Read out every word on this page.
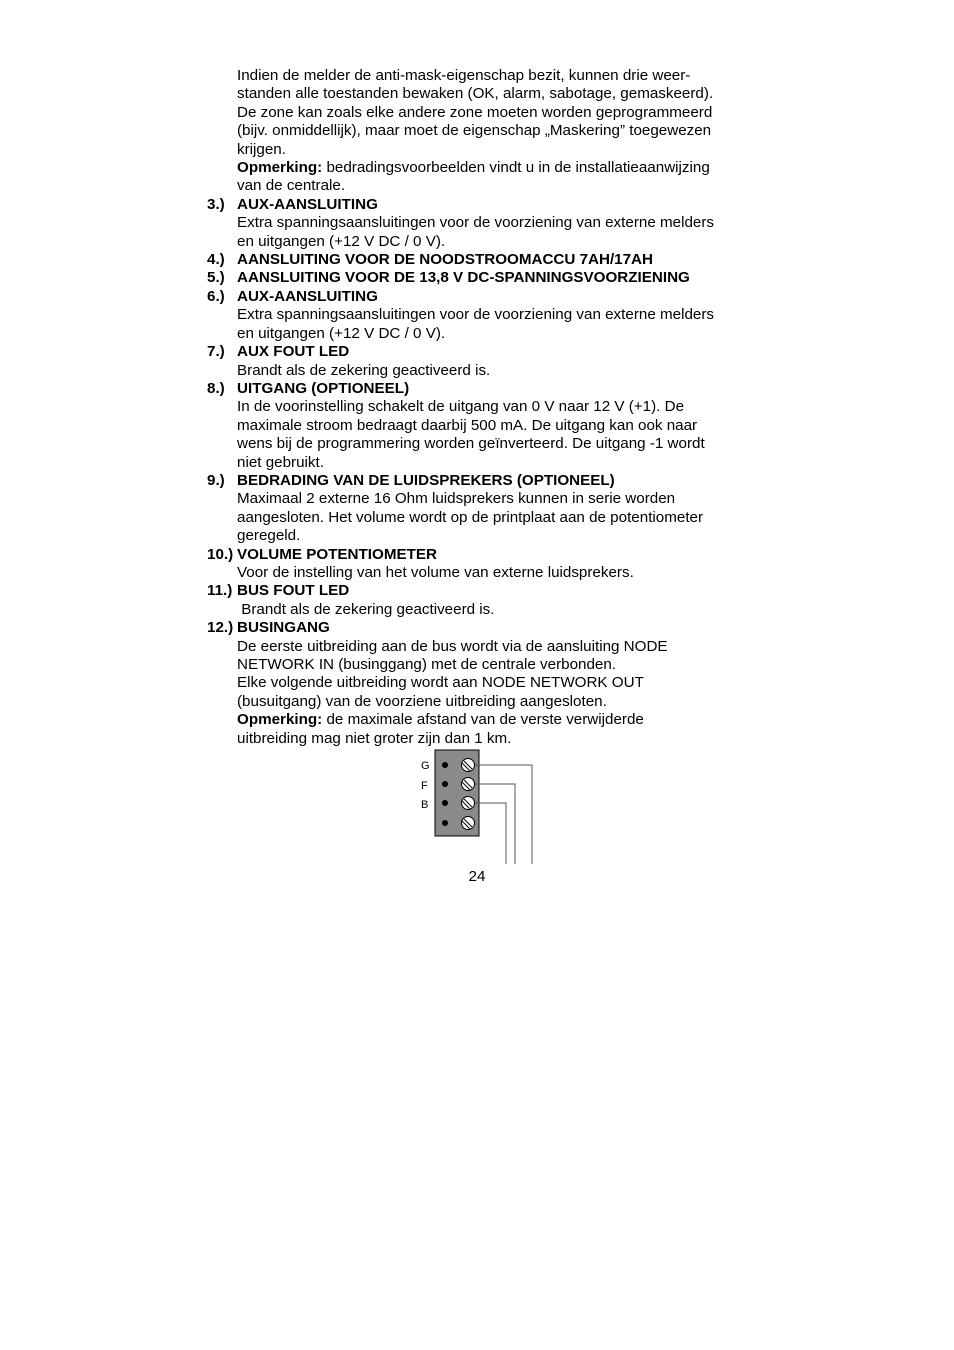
Indien de melder de anti-mask-eigenschap bezit, kunnen drie weer-
standen alle toestanden bewaken (OK, alarm, sabotage, gemaskeerd).
De zone kan zoals elke andere zone moeten worden geprogrammeerd
(bijv. onmiddellijk), maar moet de eigenschap „Maskering” toegewezen
krijgen.
Opmerking: bedradingsvoorbeelden vindt u in de installatieaanwijzing
van de centrale.
3.) AUX-AANSLUITING
Extra spanningsaansluitingen voor de voorziening van externe melders
en uitgangen (+12 V DC / 0 V).
4.) AANSLUITING VOOR DE NOODSTROOMACCU 7AH/17AH
5.) AANSLUITING VOOR DE 13,8 V DC-SPANNINGSVOORZIENING
6.) AUX-AANSLUITING
Extra spanningsaansluitingen voor de voorziening van externe melders
en uitgangen (+12 V DC / 0 V).
7.) AUX FOUT LED
Brandt als de zekering geactiveerd is.
8.) UITGANG (OPTIONEEL)
In de voorinstelling schakelt de uitgang van 0 V naar 12 V (+1). De
maximale stroom bedraagt daarbij 500 mA. De uitgang kan ook naar
wens bij de programmering worden geïnverteerd. De uitgang -1 wordt
niet gebruikt.
9.) BEDRADING VAN DE LUIDSPREKERS (OPTIONEEL)
Maximaal 2 externe 16 Ohm luidsprekers kunnen in serie worden
aangesloten. Het volume wordt op de printplaat aan de potentiometer
geregeld.
10.) VOLUME POTENTIOMETER
Voor de instelling van het volume van externe luidsprekers.
11.) BUS FOUT LED
Brandt als de zekering geactiveerd is.
12.) BUSINGANG
De eerste uitbreiding aan de bus wordt via de aansluiting NODE
NETWORK IN (businggang) met de centrale verbonden.
Elke volgende uitbreiding wordt aan NODE NETWORK OUT
(busuitgang) van de voorziene uitbreiding aangesloten.
Opmerking: de maximale afstand van de verste verwijderde
uitbreiding mag niet groter zijn dan 1 km.
G
F
B
24
